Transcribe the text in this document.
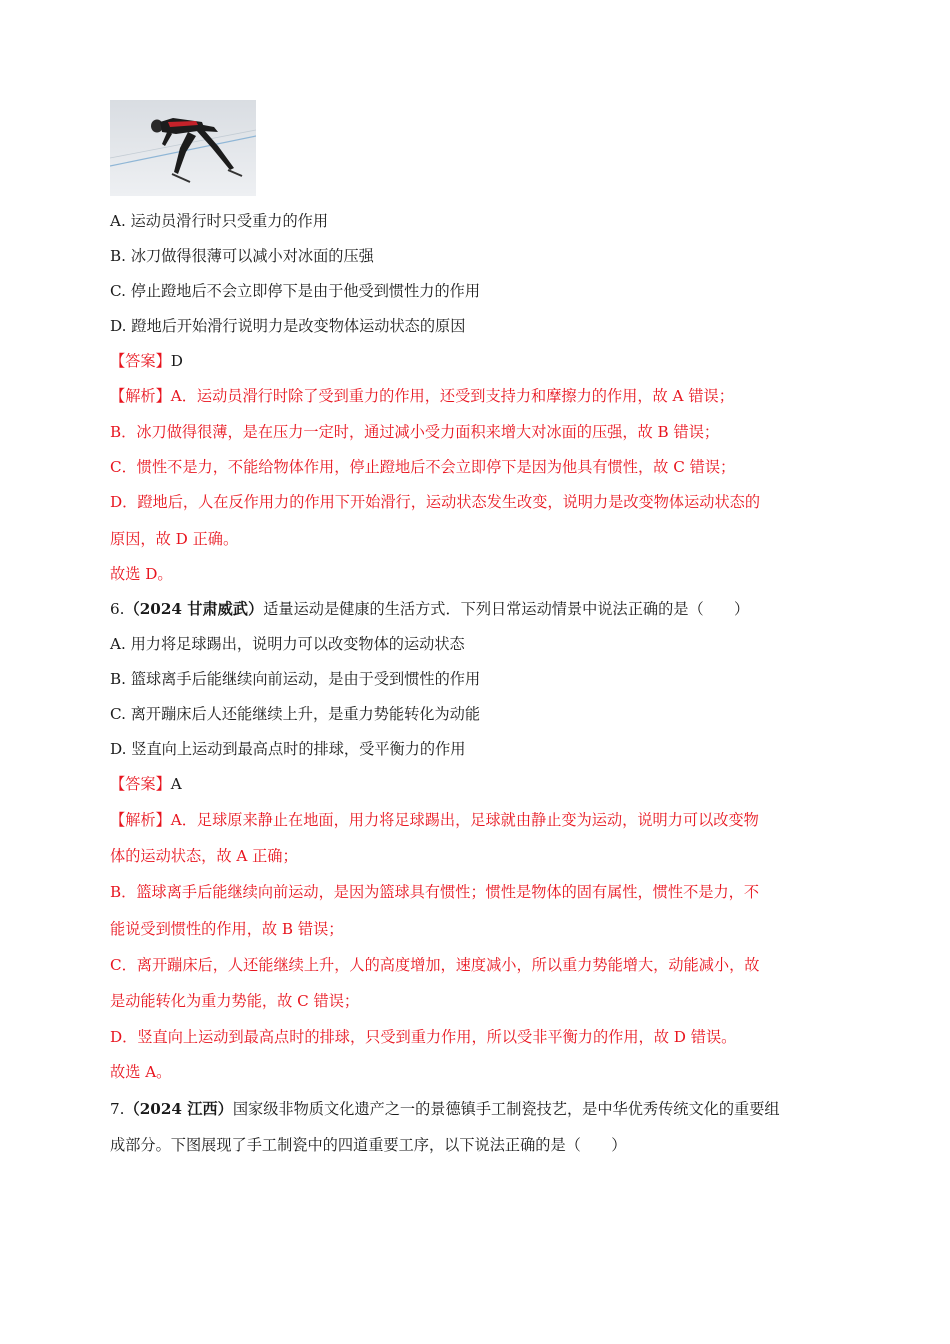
A. 运动员滑行时只受重力的作用
B. 冰刀做得很薄可以减小对冰面的压强
C. 停止蹬地后不会立即停下是由于他受到惯性力的作用
D. 蹬地后开始滑行说明力是改变物体运动状态的原因
【答案】D
【解析】A．运动员滑行时除了受到重力的作用，还受到支持力和摩擦力的作用，故 A 错误；
B．冰刀做得很薄，是在压力一定时，通过减小受力面积来增大对冰面的压强，故 B 错误；
C．惯性不是力，不能给物体作用，停止蹬地后不会立即停下是因为他具有惯性，故 C 错误；
D．蹬地后，人在反作用力的作用下开始滑行，运动状态发生改变，说明力是改变物体运动状态的
原因，故 D 正确。
故选 D。
6.（2024 甘肃威武）适量运动是健康的生活方式．下列日常运动情景中说法正确的是（　　）
A. 用力将足球踢出，说明力可以改变物体的运动状态
B. 篮球离手后能继续向前运动，是由于受到惯性的作用
C. 离开蹦床后人还能继续上升，是重力势能转化为动能
D. 竖直向上运动到最高点时的排球，受平衡力的作用
【答案】A
【解析】A．足球原来静止在地面，用力将足球踢出，足球就由静止变为运动，说明力可以改变物
体的运动状态，故 A 正确；
B．篮球离手后能继续向前运动，是因为篮球具有惯性；惯性是物体的固有属性，惯性不是力，不
能说受到惯性的作用，故 B 错误；
C．离开蹦床后，人还能继续上升，人的高度增加，速度减小，所以重力势能增大，动能减小，故
是动能转化为重力势能，故 C 错误；
D．竖直向上运动到最高点时的排球，只受到重力作用，所以受非平衡力的作用，故 D 错误。
故选 A。
7.（2024 江西）国家级非物质文化遗产之一的景德镇手工制瓷技艺，是中华优秀传统文化的重要组
成部分。下图展现了手工制瓷中的四道重要工序，以下说法正确的是（　　）
